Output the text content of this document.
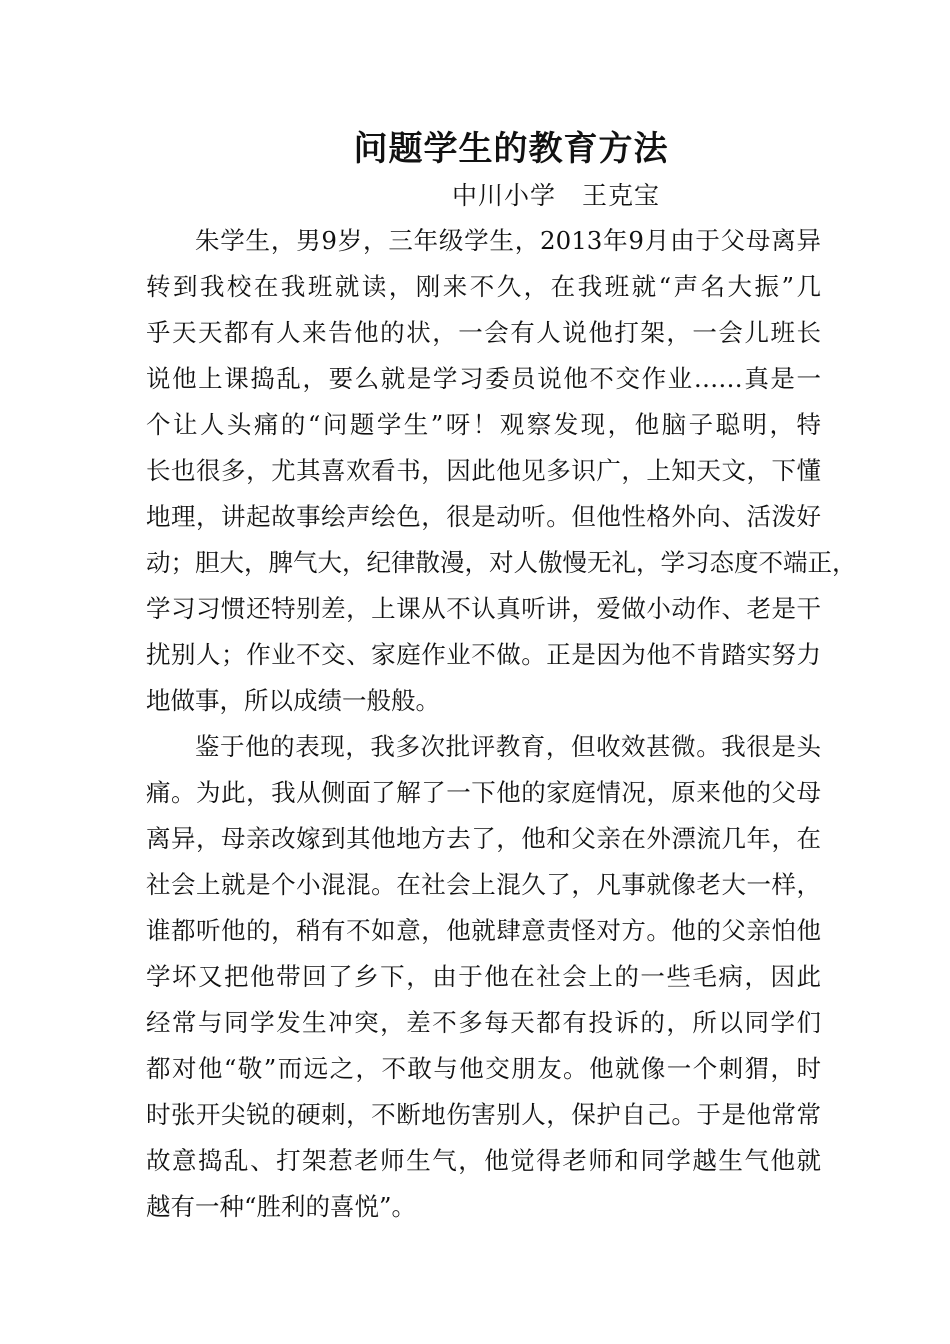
问题学生的教育方法
中川小学　王克宝

朱学生，男9岁，三年级学生，2013年9月由于父母离异

转到我校在我班就读，刚来不久，在我班就“声名大振”几

乎天天都有人来告他的状，一会有人说他打架，一会儿班长

说他上课捣乱，要么就是学习委员说他不交作业……真是一

个让人头痛的“问题学生”呀！观察发现，他脑子聪明，特

长也很多，尤其喜欢看书，因此他见多识广，上知天文，下懂

地理，讲起故事绘声绘色，很是动听。但他性格外向、活泼好

动；胆大，脾气大，纪律散漫，对人傲慢无礼，学习态度不端正，

学习习惯还特别差，上课从不认真听讲，爱做小动作、老是干

扰别人；作业不交、家庭作业不做。正是因为他不肯踏实努力

地做事，所以成绩一般般。

鉴于他的表现，我多次批评教育，但收效甚微。我很是头

痛。为此，我从侧面了解了一下他的家庭情况，原来他的父母

离异，母亲改嫁到其他地方去了，他和父亲在外漂流几年，在

社会上就是个小混混。在社会上混久了，凡事就像老大一样，

谁都听他的，稍有不如意，他就肆意责怪对方。他的父亲怕他

学坏又把他带回了乡下，由于他在社会上的一些毛病，因此

经常与同学发生冲突，差不多每天都有投诉的，所以同学们

都对他“敬”而远之，不敢与他交朋友。他就像一个刺猬，时

时张开尖锐的硬刺，不断地伤害别人，保护自己。于是他常常

故意捣乱、打架惹老师生气，他觉得老师和同学越生气他就

越有一种“胜利的喜悦”。
